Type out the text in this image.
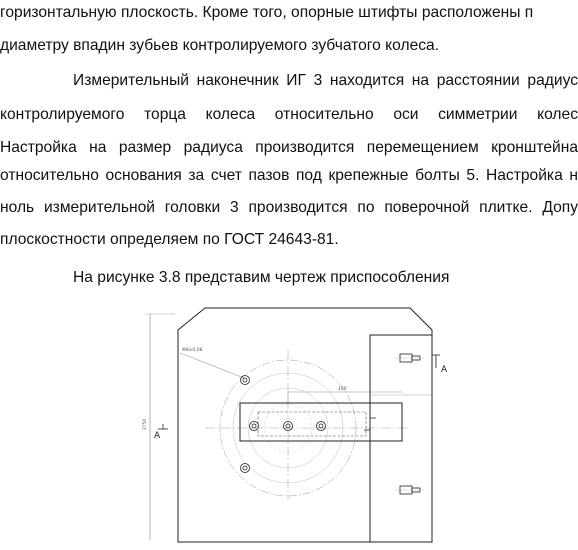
горизонтальную плоскость. Кроме того, опорные штифты расположены п
диаметру впадин зубьев контролируемого зубчатого колеса.
Измерительный наконечник ИГ 3 находится на расстоянии радиус
контролируемого торца колеса относительно оси симметрии колес
Настройка на размер радиуса производится перемещением кронштейна
относительно основания за счет пазов под крепежные болты 5. Настройка н
ноль измерительной головки 3 производится по поверочной плитке. Допу
плоскостности определяем по ГОСТ 24643-81.
На рисунке 3.8 представим чертеж приспособления
2750
А
Ф8±0,08
160
А
